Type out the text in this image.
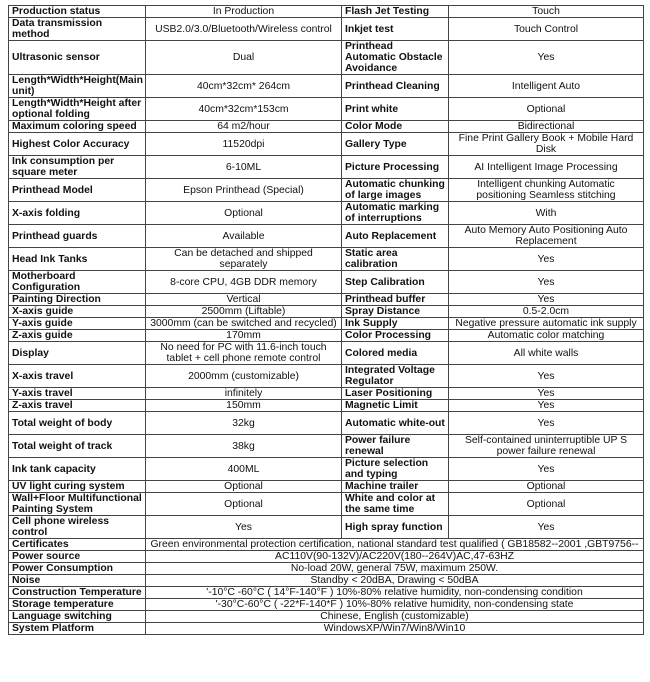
Production status	In Production	Flash Jet Testing	Touch
Data transmission method	USB2.0/3.0/Bluetooth/Wireless control	Inkjet test	Touch Control
Ultrasonic sensor	Dual	Printhead Automatic Obstacle Avoidance	Yes
Length*Width*Height(Main unit)	40cm*32cm* 264cm	Printhead Cleaning	Intelligent Auto
Length*Width*Height after optional folding	40cm*32cm*153cm	Print white	Optional
Maximum coloring speed	64 m2/hour	Color Mode	Bidirectional
Highest Color Accuracy	11520dpi	Gallery Type	Fine Print Gallery Book + Mobile Hard Disk
Ink consumption per square meter	6-10ML	Picture Processing	AI Intelligent Image Processing
Printhead Model	Epson Printhead (Special)	Automatic chunking of large images	Intelligent chunking Automatic positioning Seamless stitching
X-axis folding	Optional	Automatic marking of interruptions	With
Printhead guards	Available	Auto Replacement	Auto Memory Auto Positioning Auto Replacement
Head Ink Tanks	Can be detached and shipped separately	Static area calibration	Yes
Motherboard Configuration	8-core CPU, 4GB DDR memory	Step Calibration	Yes
Painting Direction	Vertical	Printhead buffer	Yes
X-axis guide	2500mm (Liftable)	Spray Distance	0.5-2.0cm
Y-axis guide	3000mm (can be switched and recycled)	Ink Supply	Negative pressure automatic ink supply
Z-axis guide	170mm	Color Processing	Automatic color matching
Display	No need for PC with 11.6-inch touch tablet + cell phone remote control	Colored media	All white walls
X-axis travel	2000mm (customizable)	Integrated Voltage Regulator	Yes
Y-axis travel	infinitely	Laser Positioning	Yes
Z-axis travel	150mm	Magnetic Limit	Yes
Total weight of body	32kg	Automatic white-out	Yes
Total weight of track	38kg	Power failure renewal	Self-contained uninterruptible UP S power failure renewal
Ink tank capacity	400ML	Picture selection and typing	Yes
UV light curing system	Optional	Machine trailer	Optional
Wall+Floor Multifunctional Painting System	Optional	White and color at the same time	Optional
Cell phone wireless control	Yes	High spray function	Yes
Certificates	Green environmental protection certification, national standard test qualified ( GB18582--2001 ,GBT9756--		
Power source	AC110V(90-132V)/AC220V(180--264V)AC,47-63HZ		
Power Consumption	No-load 20W, general 75W, maximum 250W.		
Noise	Standby < 20dBA, Drawing < 50dBA		
Construction Temperature	'-10°C -60°C ( 14°F-140°F ) 10%-80% relative humidity, non-condensing condition		
Storage temperature	'-30°C-60°C ( -22*F-140*F ) 10%-80% relative humidity, non-condensing state		
Language switching	Chinese, English (customizable)		
System Platform	WindowsXP/Win7/Win8/Win10		
